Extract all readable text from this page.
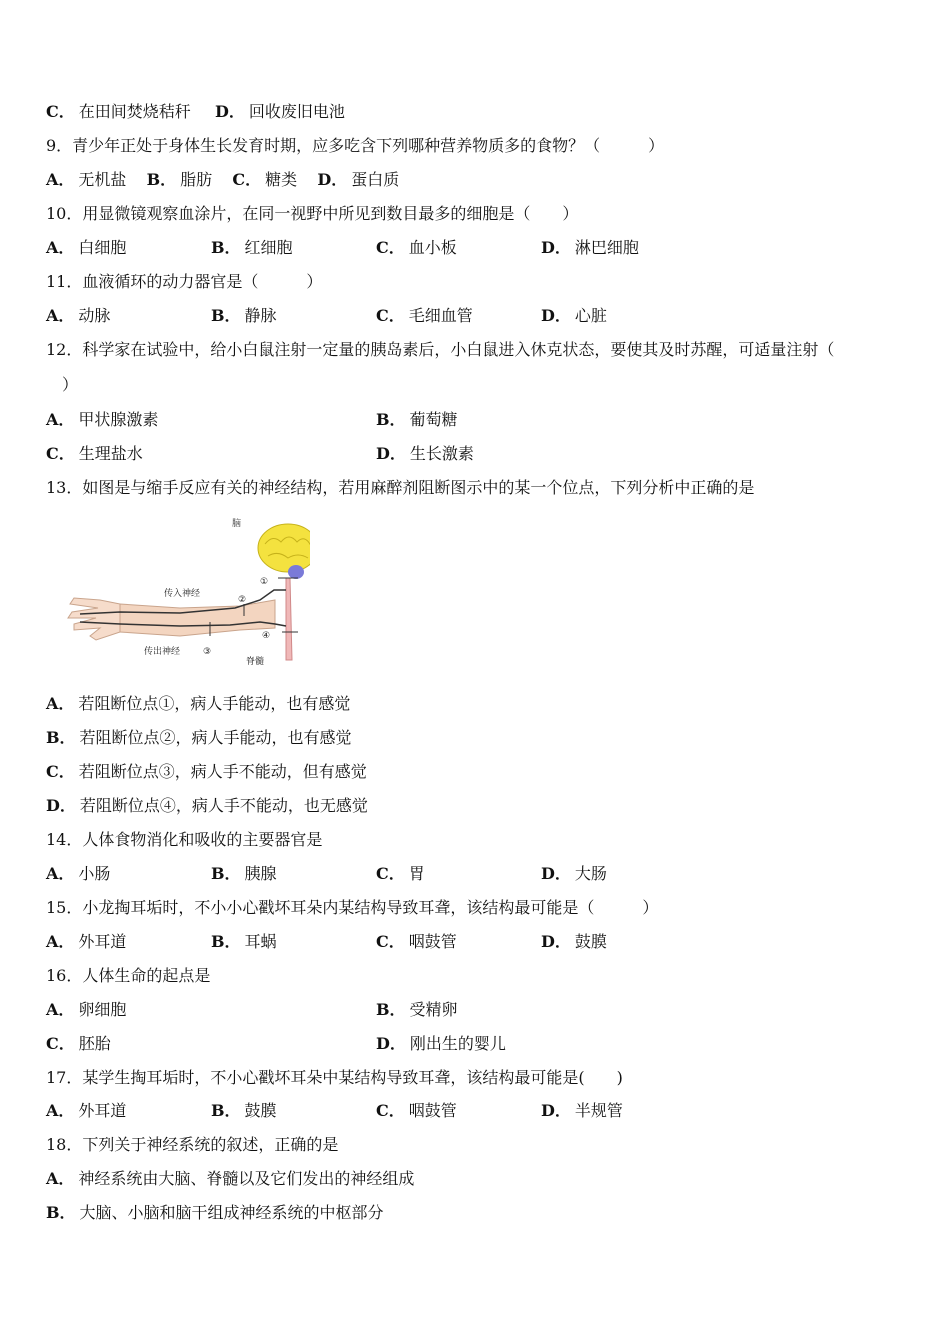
C． 在田间焚烧秸秆 D． 回收废旧电池
9．青少年正处于身体生长发育时期，应多吃含下列哪种营养物质多的食物？（　　　）
A． 无机盐 B． 脂肪 C． 糖类 D． 蛋白质
10．用显微镜观察血涂片，在同一视野中所见到数目最多的细胞是（　　）
A． 白细胞	B． 红细胞	C． 血小板	D． 淋巴细胞
11．血液循环的动力器官是（　　　）
A． 动脉	B． 静脉	C． 毛细血管	D． 心脏
12．科学家在试验中，给小白鼠注射一定量的胰岛素后，小白鼠进入休克状态，要使其及时苏醒，可适量注射（
）
A． 甲状腺激素	B． 葡萄糖
C． 生理盐水	D． 生长激素
13．如图是与缩手反应有关的神经结构，若用麻醉剂阻断图示中的某一个位点，下列分析中正确的是
脑
传入神经
传出神经
脊髓
①
②
③
④
A． 若阻断位点①，病人手能动，也有感觉
B． 若阻断位点②，病人手能动，也有感觉
C． 若阻断位点③，病人手不能动，但有感觉
D． 若阻断位点④，病人手不能动，也无感觉
14．人体食物消化和吸收的主要器官是
A． 小肠	B． 胰腺	C． 胃	D． 大肠
15．小龙掏耳垢时，不小小心戳坏耳朵内某结构导致耳聋，该结构最可能是（　　　）
A． 外耳道	B． 耳蜗	C． 咽鼓管	D． 鼓膜
16．人体生命的起点是
A． 卵细胞	B． 受精卵
C． 胚胎	D． 刚出生的婴儿
17．某学生掏耳垢时，不小心戳坏耳朵中某结构导致耳聋，该结构最可能是(　　)
A． 外耳道	B． 鼓膜	C． 咽鼓管	D． 半规管
18．下列关于神经系统的叙述，正确的是
A． 神经系统由大脑、脊髓以及它们发出的神经组成
B． 大脑、小脑和脑干组成神经系统的中枢部分
